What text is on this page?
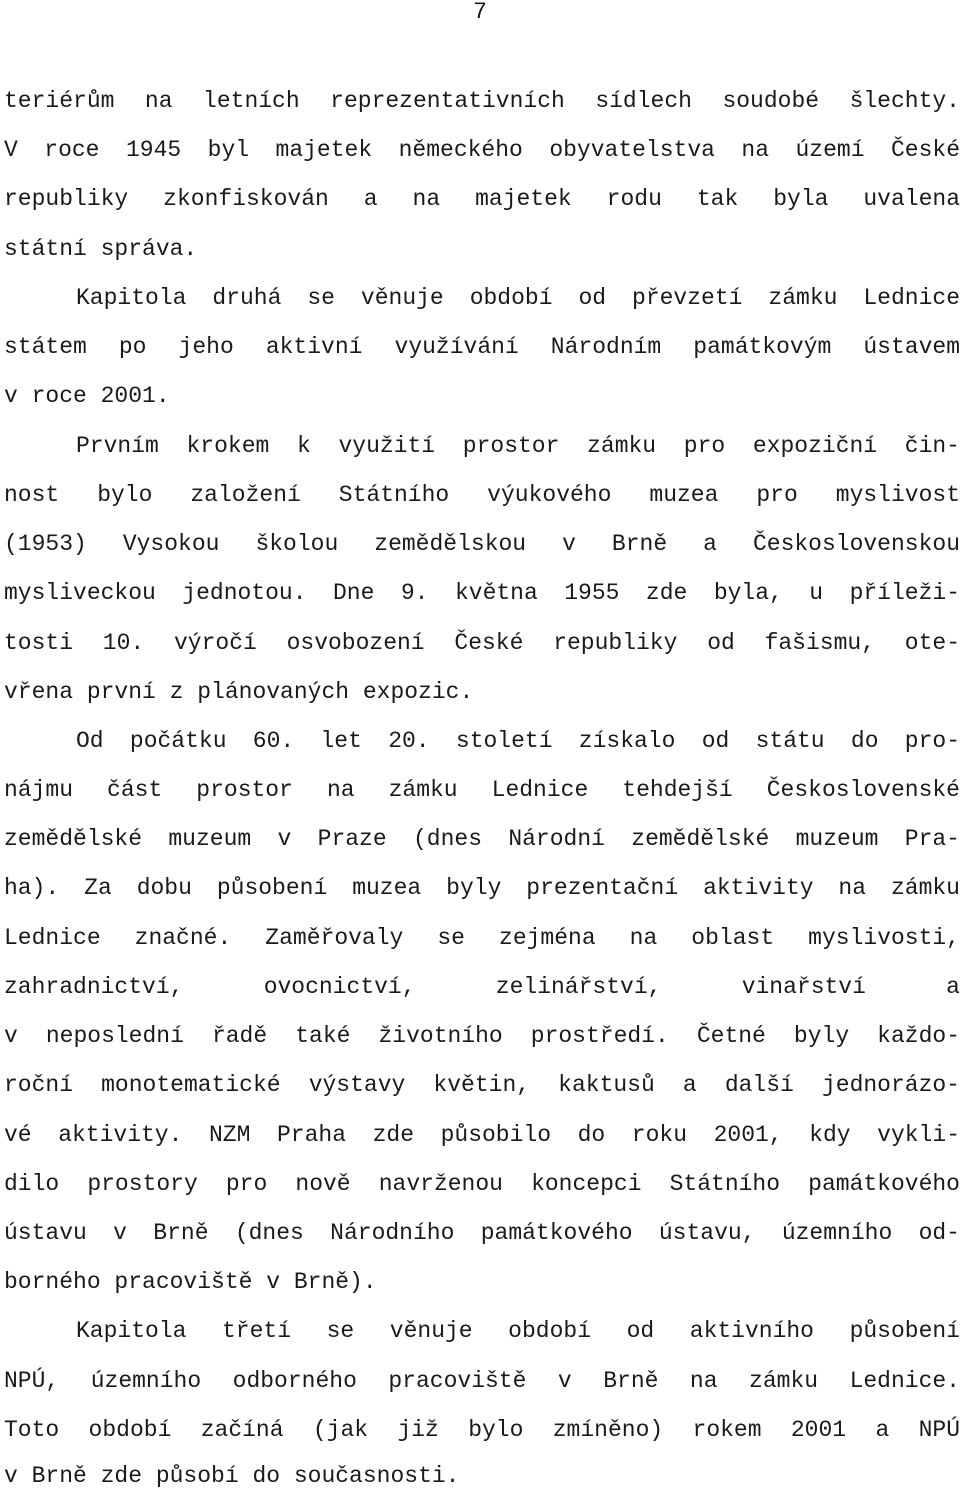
7
teriérům na letních reprezentativních sídlech soudobé šlechty.
V roce 1945 byl majetek německého obyvatelstva na území České
republiky zkonfiskován a na majetek rodu tak byla uvalena
státní správa.
Kapitola druhá se věnuje období od převzetí zámku Lednice
státem po jeho aktivní využívání Národním památkovým ústavem
v roce 2001.
Prvním krokem k využití prostor zámku pro expoziční čin-
nost bylo založení Státního výukového muzea pro myslivost
(1953) Vysokou školou zemědělskou v Brně a Československou
mysliveckou jednotou. Dne 9. května 1955 zde byla, u příleži-
tosti 10. výročí osvobození České republiky od fašismu, ote-
vřena první z plánovaných expozic.
Od počátku 60. let 20. století získalo od státu do pro-
nájmu část prostor na zámku Lednice tehdejší Československé
zemědělské muzeum v Praze (dnes Národní zemědělské muzeum Pra-
ha). Za dobu působení muzea byly prezentační aktivity na zámku
Lednice značné. Zaměřovaly se zejména na oblast myslivosti,
zahradnictví, ovocnictví, zelinářství, vinařství a
v neposlední řadě také životního prostředí. Četné byly každo-
roční monotematické výstavy květin, kaktusů a další jednorázo-
vé aktivity. NZM Praha zde působilo do roku 2001, kdy vykli-
dilo prostory pro nově navrženou koncepci Státního památkového
ústavu v Brně (dnes Národního památkového ústavu, územního od-
borného pracoviště v Brně).
Kapitola třetí se věnuje období od aktivního působení
NPÚ, územního odborného pracoviště v Brně na zámku Lednice.
Toto období začíná (jak již bylo zmíněno) rokem 2001 a NPÚ
v Brně zde působí do současnosti.
